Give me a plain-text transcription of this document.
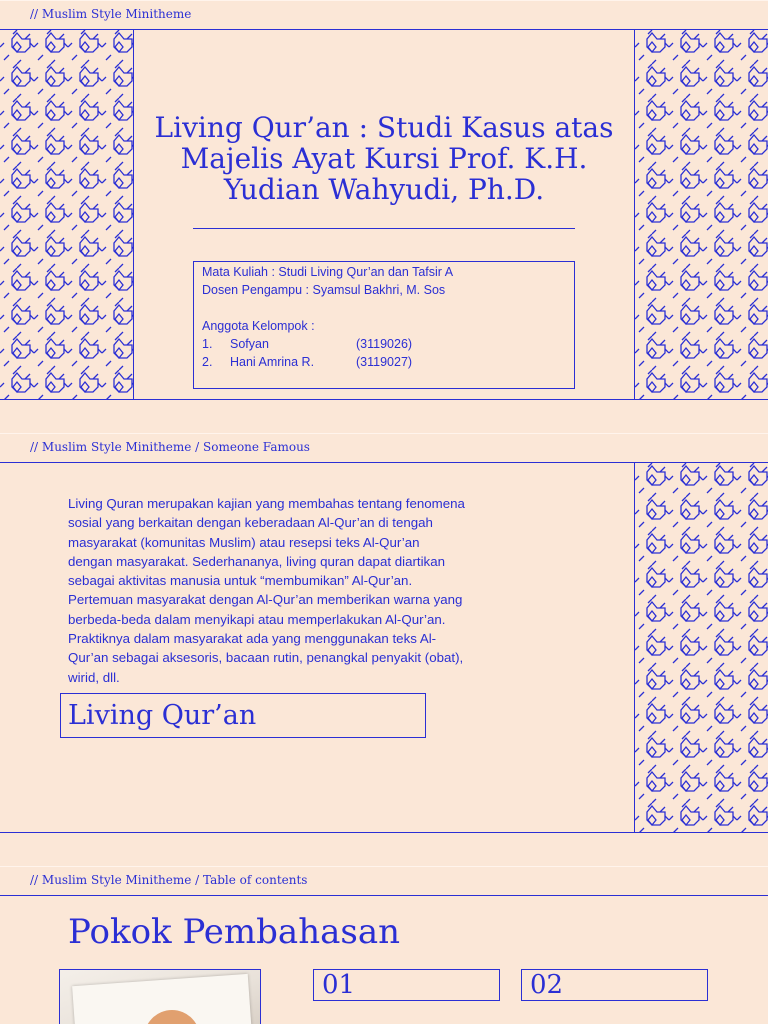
// Muslim Style Minitheme
Living Qur’an : Studi Kasus atas
Majelis Ayat Kursi Prof. K.H.
Yudian Wahyudi, Ph.D.
Mata Kuliah : Studi Living Qur’an dan Tafsir A
Dosen Pengampu : Syamsul Bakhri, M. Sos
Anggota Kelompok :
1. Sofyan	(3119026)
2. Hani Amrina R.	(3119027)
// Muslim Style Minitheme / Someone Famous
Living Quran merupakan kajian yang membahas tentang fenomena
sosial yang berkaitan dengan keberadaan Al-Qur’an di tengah
masyarakat (komunitas Muslim) atau resepsi teks Al-Qur’an
dengan masyarakat. Sederhananya, living quran dapat diartikan
sebagai aktivitas manusia untuk “membumikan” Al-Qur’an.
Pertemuan masyarakat dengan Al-Qur’an memberikan warna yang
berbeda-beda dalam menyikapi atau memperlakukan Al-Qur’an.
Praktiknya dalam masyarakat ada yang menggunakan teks Al-
Qur’an sebagai aksesoris, bacaan rutin, penangkal penyakit (obat),
wirid, dll.
Living Qur’an
// Muslim Style Minitheme / Table of contents
Pokok Pembahasan
01	02
